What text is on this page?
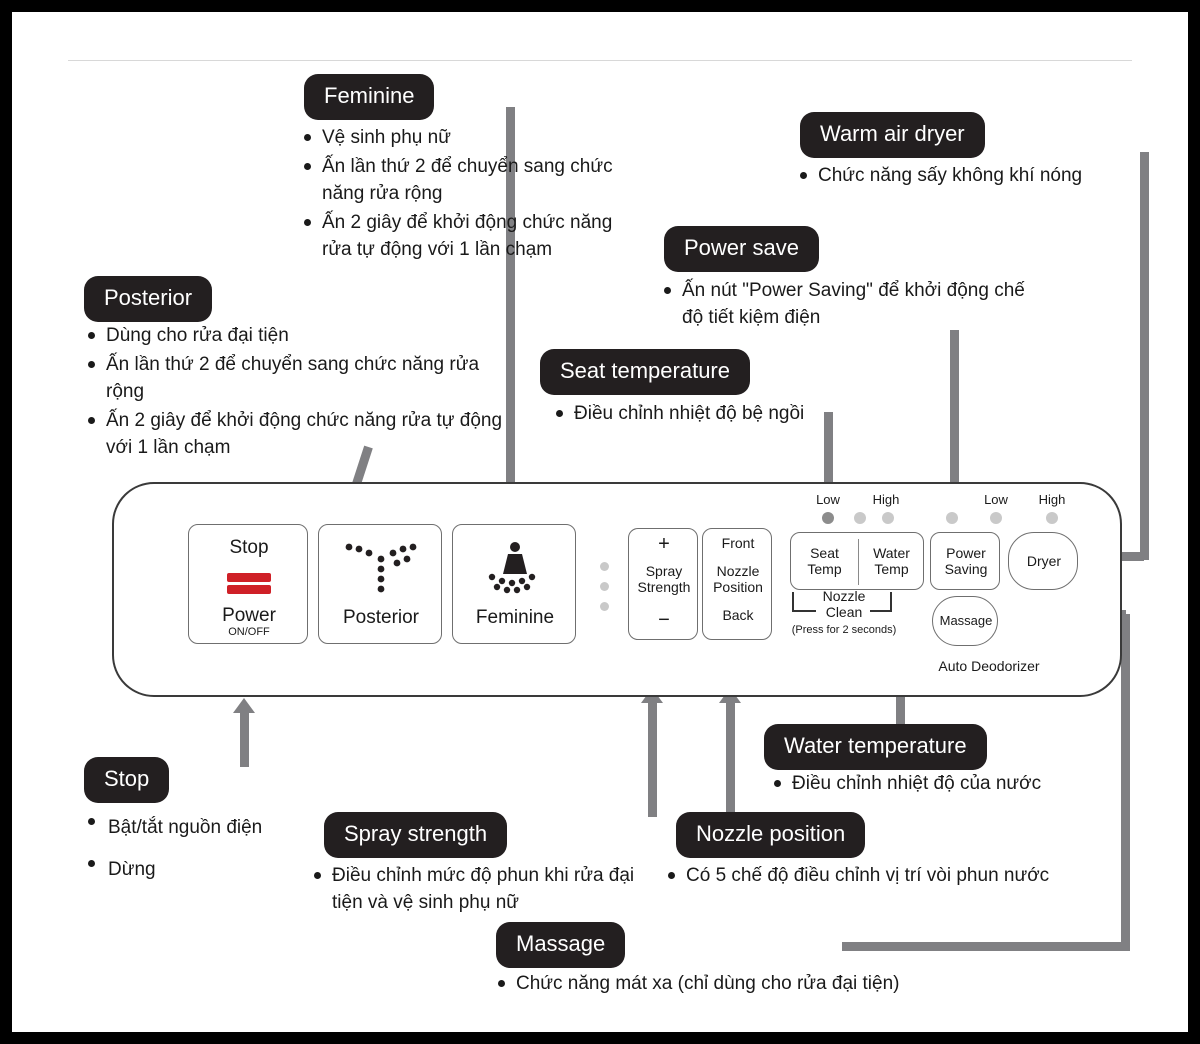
Feminine
Vệ sinh phụ nữ
Ấn lần thứ 2 để chuyển sang chức năng rửa rộng
Ấn 2 giây để khởi động chức năng rửa tự động với 1 lần chạm
Warm air dryer
Chức năng sấy không khí nóng
Power save
Ấn nút "Power Saving" để khởi động chế độ tiết kiệm điện
Posterior
Dùng cho rửa đại tiện
Ấn lần thứ 2 để chuyển sang chức năng rửa rộng
Ấn 2 giây để khởi động chức năng rửa tự động với 1 lần chạm
Seat temperature
Điều chỉnh nhiệt độ bệ ngồi
Water temperature
Điều chỉnh nhiệt độ của nước
Stop
Bật/tắt nguồn điện
Dừng
Spray strength
Điều chỉnh mức độ phun khi rửa đại tiện và vệ sinh phụ nữ
Nozzle position
Có 5 chế độ điều chỉnh vị trí vòi phun nước
Massage
Chức năng mát xa (chỉ dùng cho rửa đại tiện)
Stop
Power
ON/OFF
Posterior	Feminine
+
Spray
Strength
−
Front
Nozzle
Position
Back
Low	High
Seat
Temp
Water
Temp
Low	High
Power
Saving	Dryer
Nozzle
Clean
(Press for 2 seconds)
Massage
Auto Deodorizer
